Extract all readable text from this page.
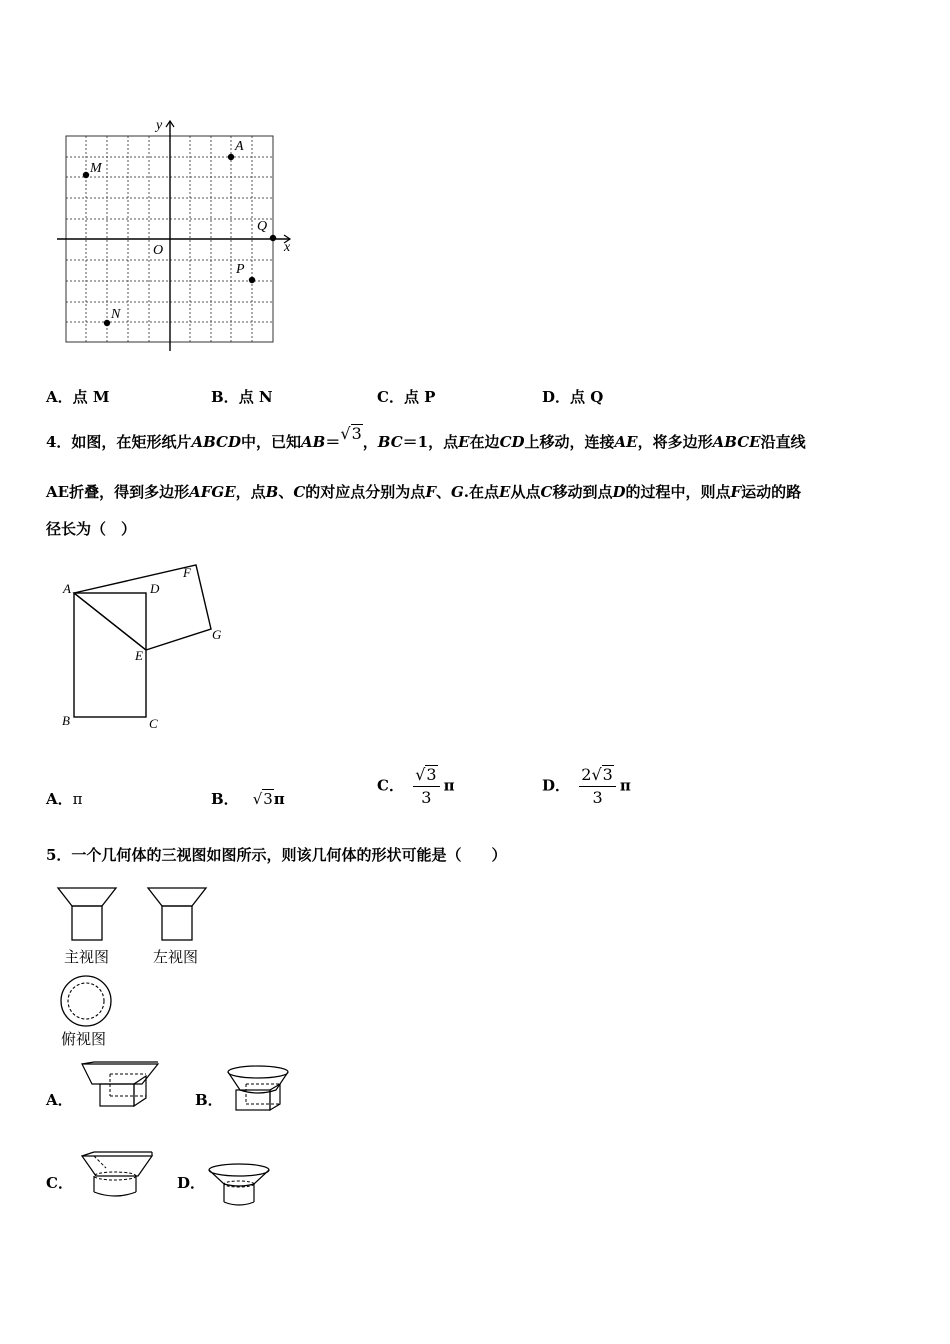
y
x
O
A
M
Q
P
N
A．点 M	B．点 N	C．点 P	D．点 Q
4．如图，在矩形纸片ABCD中，已知AB＝√3，BC＝1，点E在边CD上移动，连接AE，将多边形ABCE沿直线
AE折叠，得到多边形AFGE，点B、C的对应点分别为点F、G.在点E从点C移动到点D的过程中，则点F运动的路
径长为（　）
A	D
F
G
E
B	C
A．π	B． √3π
C． $\frac{√3}{3}$ π	D． $\frac{2√3}{3}$ π
5．一个几何体的三视图如图所示，则该几何体的形状可能是（　　）
主视图	左视图
俯视图
A．	B．
C．	D．
